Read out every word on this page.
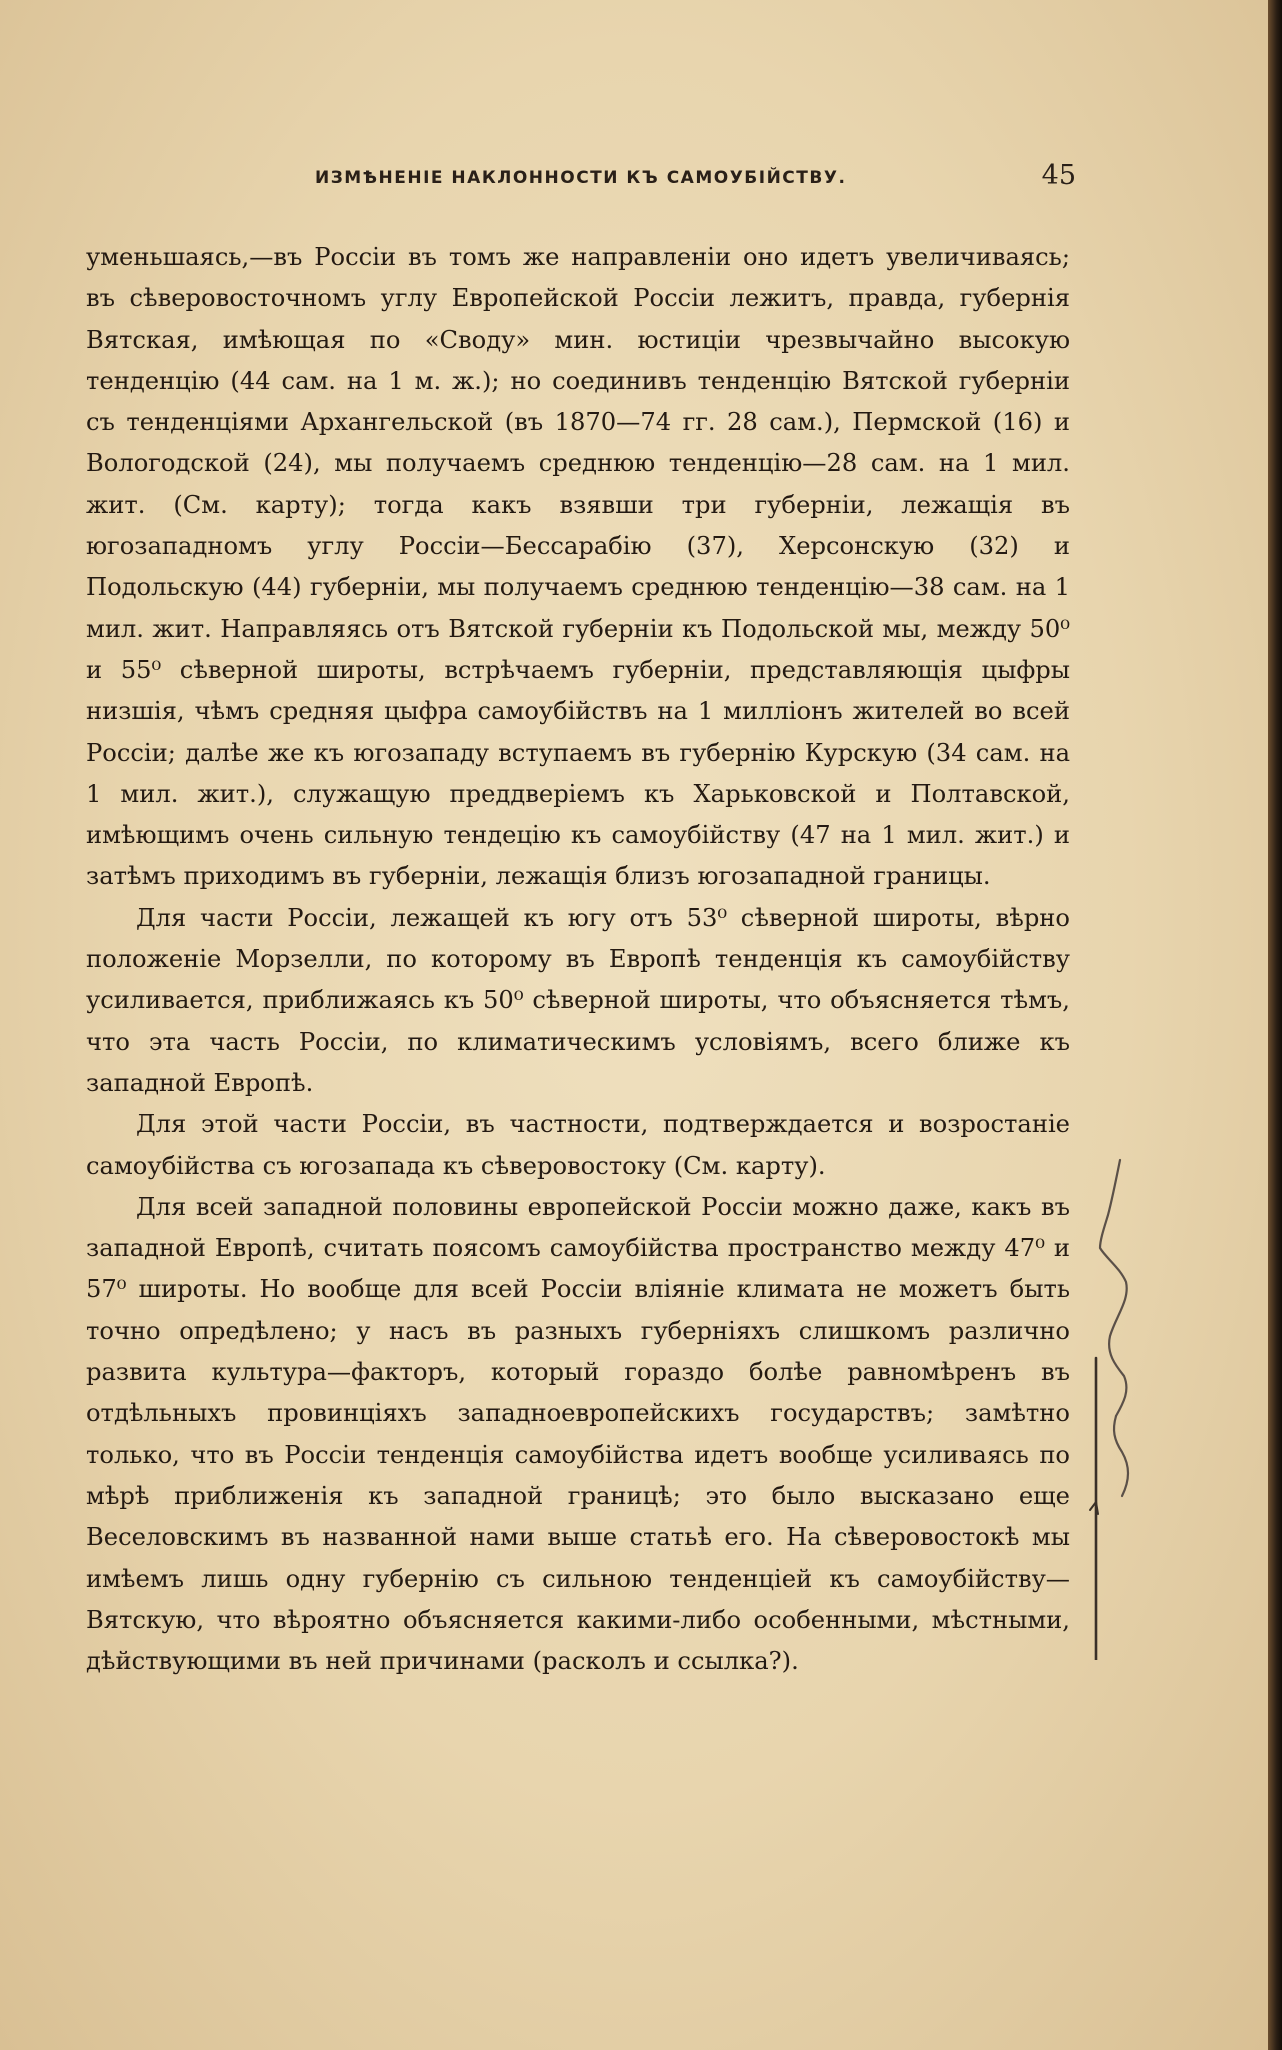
ИЗМѢНЕНІЕ НАКЛОННОСТИ КЪ САМОУБІЙСТВУ.	45

уменьшаясь,—въ Россіи въ томъ же направленіи оно идетъ увеличиваясь; въ сѣверовосточномъ углу Европейской Россіи лежитъ, правда, губернія Вятская, имѣющая по «Своду» мин. юстиціи чрезвычайно высокую тенденцію (44 сам. на 1 м. ж.); но соединивъ тенденцію Вятской губерніи съ тенденціями Архангельской (въ 1870—74 гг. 28 сам.), Пермской (16) и Вологодской (24), мы получаемъ среднюю тенденцію—28 сам. на 1 мил. жит. (См. карту); тогда какъ взявши три губерніи, лежащія въ югозападномъ углу Россіи—Бессарабію (37), Херсонскую (32) и Подольскую (44) губерніи, мы получаемъ среднюю тенденцію—38 сам. на 1 мил. жит. Направляясь отъ Вятской губерніи къ Подольской мы, между 50⁰ и 55⁰ сѣверной широты, встрѣчаемъ губерніи, представляющія цыфры низшія, чѣмъ средняя цыфра самоубійствъ на 1 милліонъ жителей во всей Россіи; далѣе же къ югозападу вступаемъ въ губернію Курскую (34 сам. на 1 мил. жит.), служащую преддверіемъ къ Харьковской и Полтавской, имѣющимъ очень сильную тендецію къ самоубійству (47 на 1 мил. жит.) и затѣмъ приходимъ въ губерніи, лежащія близъ югозападной границы.

Для части Россіи, лежащей къ югу отъ 53⁰ сѣверной широты, вѣрно положеніе Морзелли, по которому въ Европѣ тенденція къ самоубійству усиливается, приближаясь къ 50⁰ сѣверной широты, что объясняется тѣмъ, что эта часть Россіи, по климатическимъ условіямъ, всего ближе къ западной Европѣ.

Для этой части Россіи, въ частности, подтверждается и возростаніе самоубійства съ югозапада къ сѣверовостоку (См. карту).

Для всей западной половины европейской Россіи можно даже, какъ въ западной Европѣ, считать поясомъ самоубійства пространство между 47⁰ и 57⁰ широты. Но вообще для всей Россіи вліяніе климата не можетъ быть точно опредѣлено; у насъ въ разныхъ губерніяхъ слишкомъ различно развита культура—факторъ, который гораздо болѣе равномѣренъ въ отдѣльныхъ провинціяхъ западноевропейскихъ государствъ; замѣтно только, что въ Россіи тенденція самоубійства идетъ вообще усиливаясь по мѣрѣ приближенія къ западной границѣ; это было высказано еще Веселовскимъ въ названной нами выше статьѣ его. На сѣверовостокѣ мы имѣемъ лишь одну губернію съ сильною тенденціей къ самоубійству—Вятскую, что вѣроятно объясняется какими-либо особенными, мѣстными, дѣйствующими въ ней причинами (расколъ и ссылка?).
